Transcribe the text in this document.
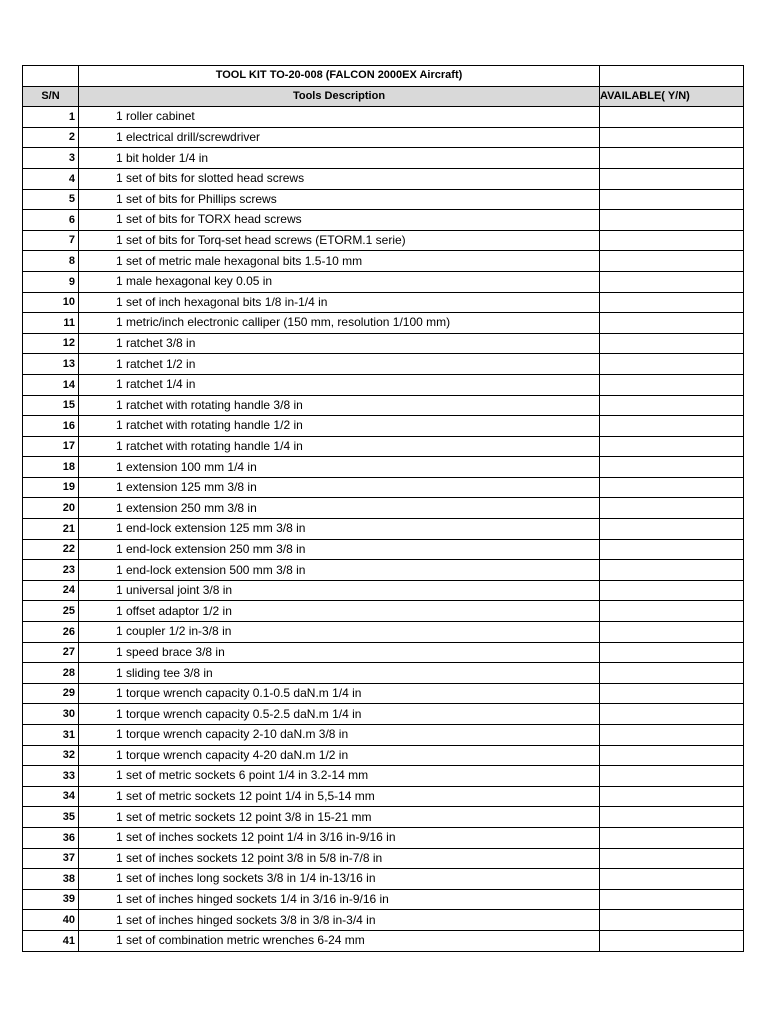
	TOOL KIT TO-20-008 (FALCON 2000EX Aircraft)	
S/N	Tools Description	AVAILABLE( Y/N)
1	1 roller cabinet	
2	1 electrical drill/screwdriver	
3	1 bit holder 1/4 in	
4	1 set of bits for slotted head screws	
5	1 set of bits for Phillips screws	
6	1 set of bits for TORX head screws	
7	1 set of bits for Torq-set head screws (ETORM.1 serie)	
8	1 set of metric male hexagonal bits 1.5-10 mm	
9	1 male hexagonal key 0.05 in	
10	1 set of inch hexagonal bits 1/8 in-1/4 in	
11	1 metric/inch electronic calliper (150 mm, resolution 1/100 mm)	
12	1 ratchet 3/8 in	
13	1 ratchet 1/2 in	
14	1 ratchet 1/4 in	
15	1 ratchet with rotating handle 3/8 in	
16	1 ratchet with rotating handle 1/2 in	
17	1 ratchet with rotating handle 1/4 in	
18	1 extension 100 mm 1/4 in	
19	1 extension 125 mm 3/8 in	
20	1 extension 250 mm 3/8 in	
21	1 end-lock extension 125 mm 3/8 in	
22	1 end-lock extension 250 mm 3/8 in	
23	1 end-lock extension 500 mm 3/8 in	
24	1 universal joint 3/8 in	
25	1 offset adaptor 1/2 in	
26	1 coupler 1/2 in-3/8 in	
27	1 speed brace 3/8 in	
28	1 sliding tee 3/8 in	
29	1 torque wrench capacity 0.1-0.5 daN.m 1/4 in	
30	1 torque wrench capacity 0.5-2.5 daN.m 1/4 in	
31	1 torque wrench capacity 2-10 daN.m 3/8 in	
32	1 torque wrench capacity 4-20 daN.m 1/2 in	
33	1 set of metric sockets 6 point 1/4 in 3.2-14 mm	
34	1 set of metric sockets 12 point 1/4 in 5,5-14 mm	
35	1 set of metric sockets 12 point 3/8 in 15-21 mm	
36	1 set of inches sockets 12 point 1/4 in 3/16 in-9/16 in	
37	1 set of inches sockets 12 point 3/8 in 5/8 in-7/8 in	
38	1 set of inches long sockets 3/8 in 1/4 in-13/16 in	
39	1 set of inches hinged sockets 1/4 in 3/16 in-9/16 in	
40	1 set of inches hinged sockets 3/8 in 3/8 in-3/4 in	
41	1 set of combination metric wrenches 6-24 mm	
